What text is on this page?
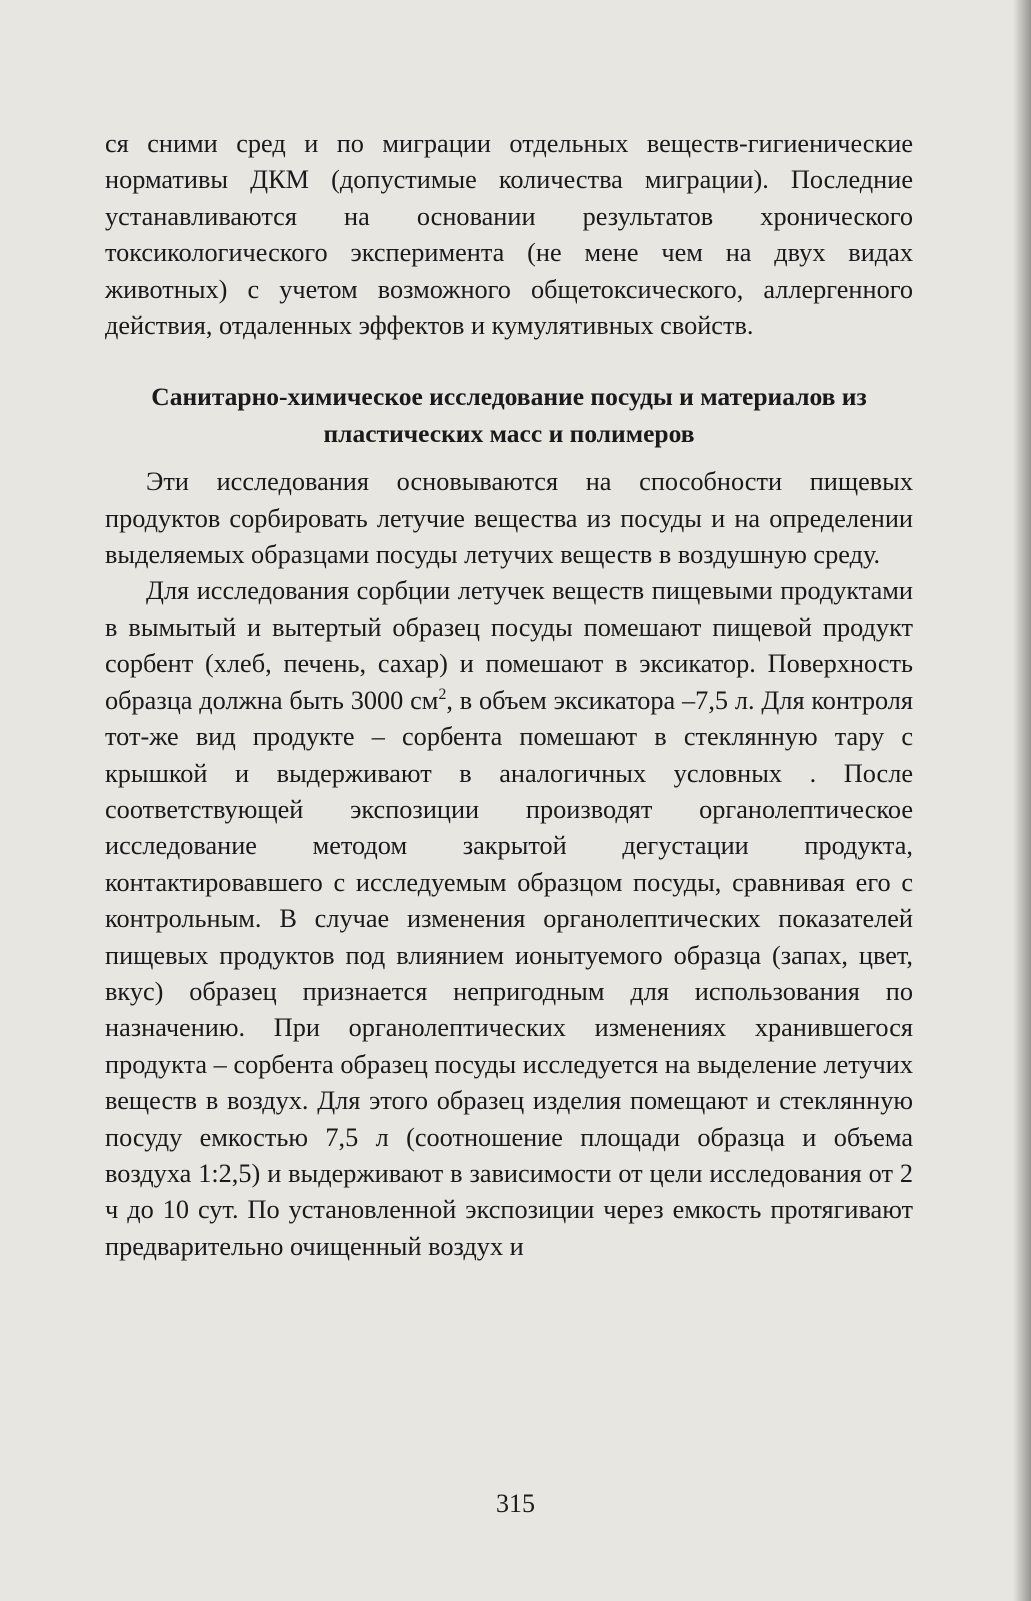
ся сними сред и по миграции отдельных веществ-гигиенические нормативы ДКМ (допустимые количества миграции). Последние устанавливаются на основании результатов хронического токсикологического эксперимента (не мене чем на двух видах животных) с учетом возможного общетоксического, аллергенного действия, отдаленных эффектов и кумулятивных свойств.

Санитарно-химическое исследование посуды и материалов из пластических масс и полимеров

Эти исследования основываются на способности пищевых продуктов сорбировать летучие вещества из посуды и на определении выделяемых образцами посуды летучих веществ в воздушную среду.

Для исследования сорбции летучек веществ пищевыми продуктами в вымытый и вытертый образец посуды помешают пищевой продукт сорбент (хлеб, печень, сахар) и помешают в эксикатор. Поверхность образца должна быть 3000 $см^2$, в объем эксикатора –7,5 л. Для контроля тот-же вид продукте – сорбента помешают в стеклянную тару с крышкой и выдерживают в аналогичных условных . После соответствующей экспозиции производят органолептическое исследование методом закрытой дегустации продукта, контактировавшего с исследуемым образцом посуды, сравнивая его с контрольным. В случае изменения органолептических показателей пищевых продуктов под влиянием ионытуемого образца (запах, цвет, вкус) образец признается непригодным для использования по назначению. При органолептических изменениях хранившегося продукта – сорбента образец посуды исследуется на выделение летучих веществ в воздух. Для этого образец изделия помещают и стеклянную посуду емкостью 7,5 л (соотношение площади образца и объема воздуха 1:2,5) и выдерживают в зависимости от цели исследования от 2 ч до 10 сут. По установленной экспозиции через емкость протягивают предварительно очищенный воздух и

315
